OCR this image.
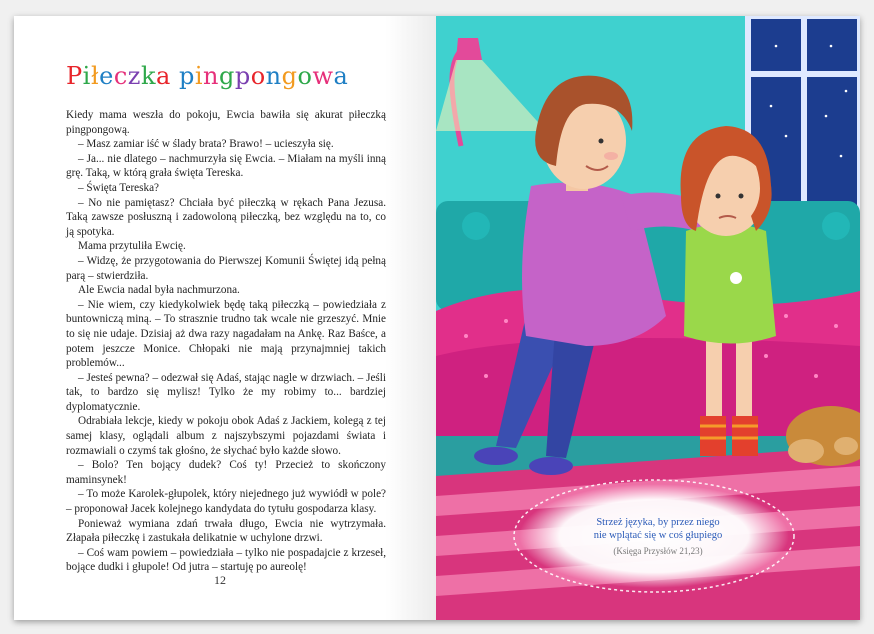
Piłeczka pingpongowa

Kiedy mama weszła do pokoju, Ewcia bawiła się akurat piłeczką pingpongową.

– Masz zamiar iść w ślady brata? Brawo! – ucieszyła się.

– Ja... nie dlatego – nachmurzyła się Ewcia. – Miałam na myśli inną grę. Taką, w którą grała święta Tereska.

– Święta Tereska?

– No nie pamiętasz? Chciała być piłeczką w rękach Pana Jezusa. Taką zawsze posłuszną i zadowoloną piłeczką, bez względu na to, co ją spotyka.

Mama przytuliła Ewcię.

– Widzę, że przygotowania do Pierwszej Komunii Świętej idą pełną parą – stwierdziła.

Ale Ewcia nadal była nachmurzona.

– Nie wiem, czy kiedykolwiek będę taką piłeczką – powiedziała z buntowniczą miną. – To strasznie trudno tak wcale nie grzeszyć. Mnie to się nie udaje. Dzisiaj aż dwa razy nagadałam na Ankę. Raz Baśce, a potem jeszcze Monice. Chłopaki nie mają przynajmniej takich problemów...

– Jesteś pewna? – odezwał się Adaś, stając nagle w drzwiach. – Jeśli tak, to bardzo się mylisz! Tylko że my robimy to... bardziej dyplomatycznie.

Odrabiała lekcje, kiedy w pokoju obok Adaś z Jackiem, kolegą z tej samej klasy, oglądali album z najszybszymi pojazdami świata i rozmawiali o czymś tak głośno, że słychać było każde słowo.

– Bolo? Ten bojący dudek? Coś ty! Przecież to skończony maminsynek!

– To może Karolek-głupolek, który niejednego już wywiódł w pole? – proponował Jacek kolejnego kandydata do tytułu gospodarza klasy.

Ponieważ wymiana zdań trwała długo, Ewcia nie wytrzymała. Złapała piłeczkę i zastukała delikatnie w uchylone drzwi.

– Coś wam powiem – powiedziała – tylko nie pospadajcie z krzeseł, bojące dudki i głupole! Od jutra – startuję po aureolę!

12
Strzeż języka, by przez niego
nie wplątać się w coś głupiego
(Księga Przysłów 21,23)
